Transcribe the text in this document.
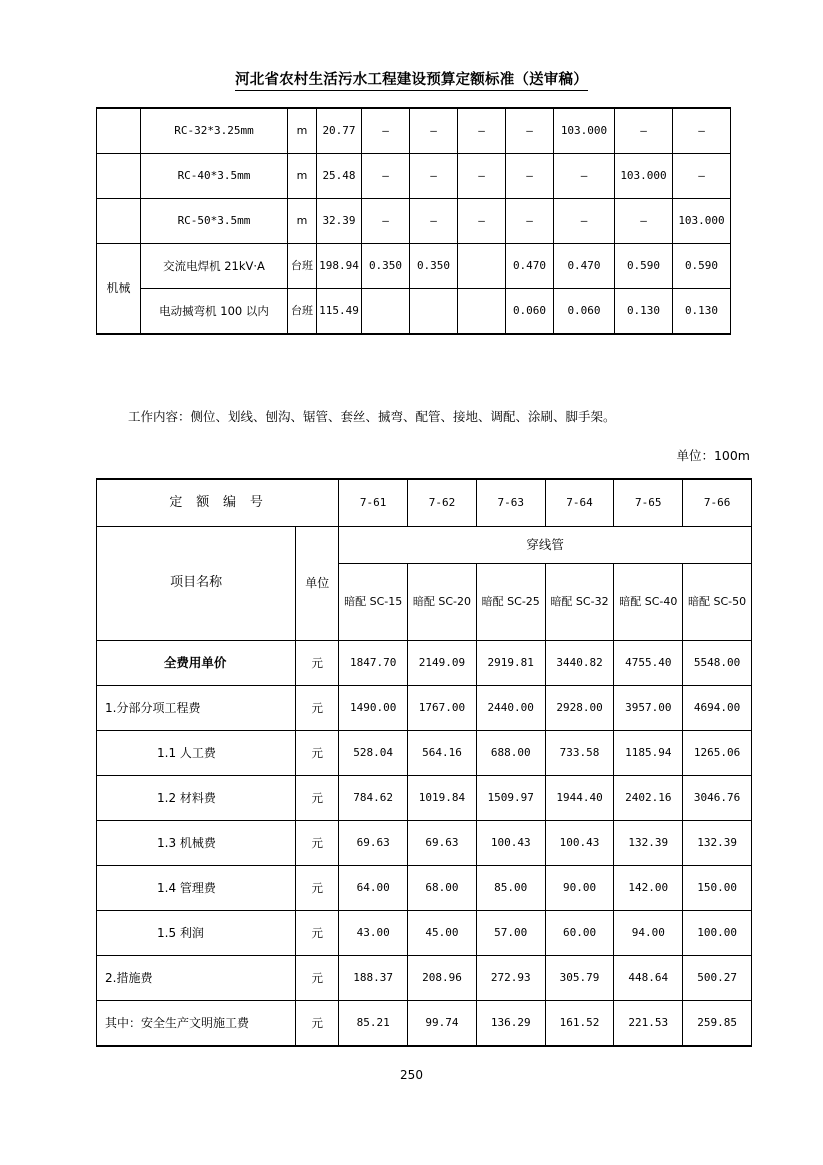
河北省农村生活污水工程建设预算定额标准（送审稿）
	RC-32*3.25mm	m	20.77	—	—	—	—	103.000	—	—
	RC-40*3.5mm	m	25.48	—	—	—	—	—	103.000	—
	RC-50*3.5mm	m	32.39	—	—	—	—	—	—	103.000
机械	交流电焊机 21kV·A	台班	198.94	0.350	0.350		0.470	0.470	0.590	0.590
	电动搣弯机 100 以内	台班	115.49				0.060	0.060	0.130	0.130
工作内容：侧位、划线、刨沟、锯管、套丝、搣弯、配管、接地、调配、涂刷、脚手架。
单位：100m
定 额 编 号		7-61	7-62	7-63	7-64	7-65	7-66
项目名称	单位	穿线管					
		暗配 SC-15	暗配 SC-20	暗配 SC-25	暗配 SC-32	暗配 SC-40	暗配 SC-50
全费用单价	元	1847.70	2149.09	2919.81	3440.82	4755.40	5548.00
1.分部分项工程费	元	1490.00	1767.00	2440.00	2928.00	3957.00	4694.00
1.1 人工费	元	528.04	564.16	688.00	733.58	1185.94	1265.06
1.2 材料费	元	784.62	1019.84	1509.97	1944.40	2402.16	3046.76
1.3 机械费	元	69.63	69.63	100.43	100.43	132.39	132.39
1.4 管理费	元	64.00	68.00	85.00	90.00	142.00	150.00
1.5 利润	元	43.00	45.00	57.00	60.00	94.00	100.00
2.措施费	元	188.37	208.96	272.93	305.79	448.64	500.27
其中：安全生产文明施工费	元	85.21	99.74	136.29	161.52	221.53	259.85
250
